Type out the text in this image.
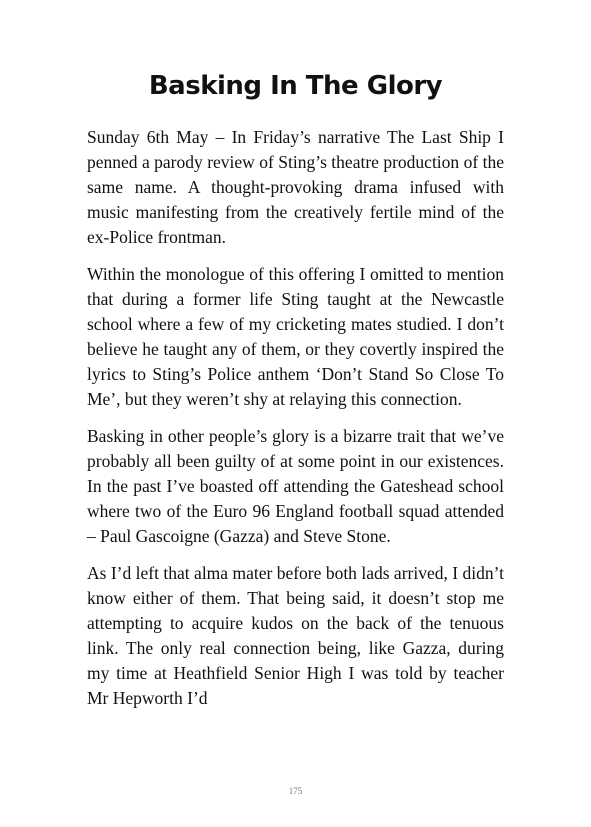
Basking In The Glory

Sunday 6th May – In Friday’s narrative The Last Ship I penned a parody review of Sting’s theatre production of the same name. A thought-provoking drama infused with music manifesting from the creatively fertile mind of the ex-Police frontman.

Within the monologue of this offering I omitted to mention that during a former life Sting taught at the Newcastle school where a few of my cricketing mates studied. I don’t believe he taught any of them, or they covertly inspired the lyrics to Sting’s Police anthem ‘Don’t Stand So Close To Me’, but they weren’t shy at relaying this connection.

Basking in other people’s glory is a bizarre trait that we’ve probably all been guilty of at some point in our existences. In the past I’ve boasted off attending the Gateshead school where two of the Euro 96 England football squad attended – Paul Gascoigne (Gazza) and Steve Stone.

As I’d left that alma mater before both lads arrived, I didn’t know either of them. That being said, it doesn’t stop me attempting to acquire kudos on the back of the tenuous link. The only real connection being, like Gazza, during my time at Heathfield Senior High I was told by teacher Mr Hepworth I’d

175
